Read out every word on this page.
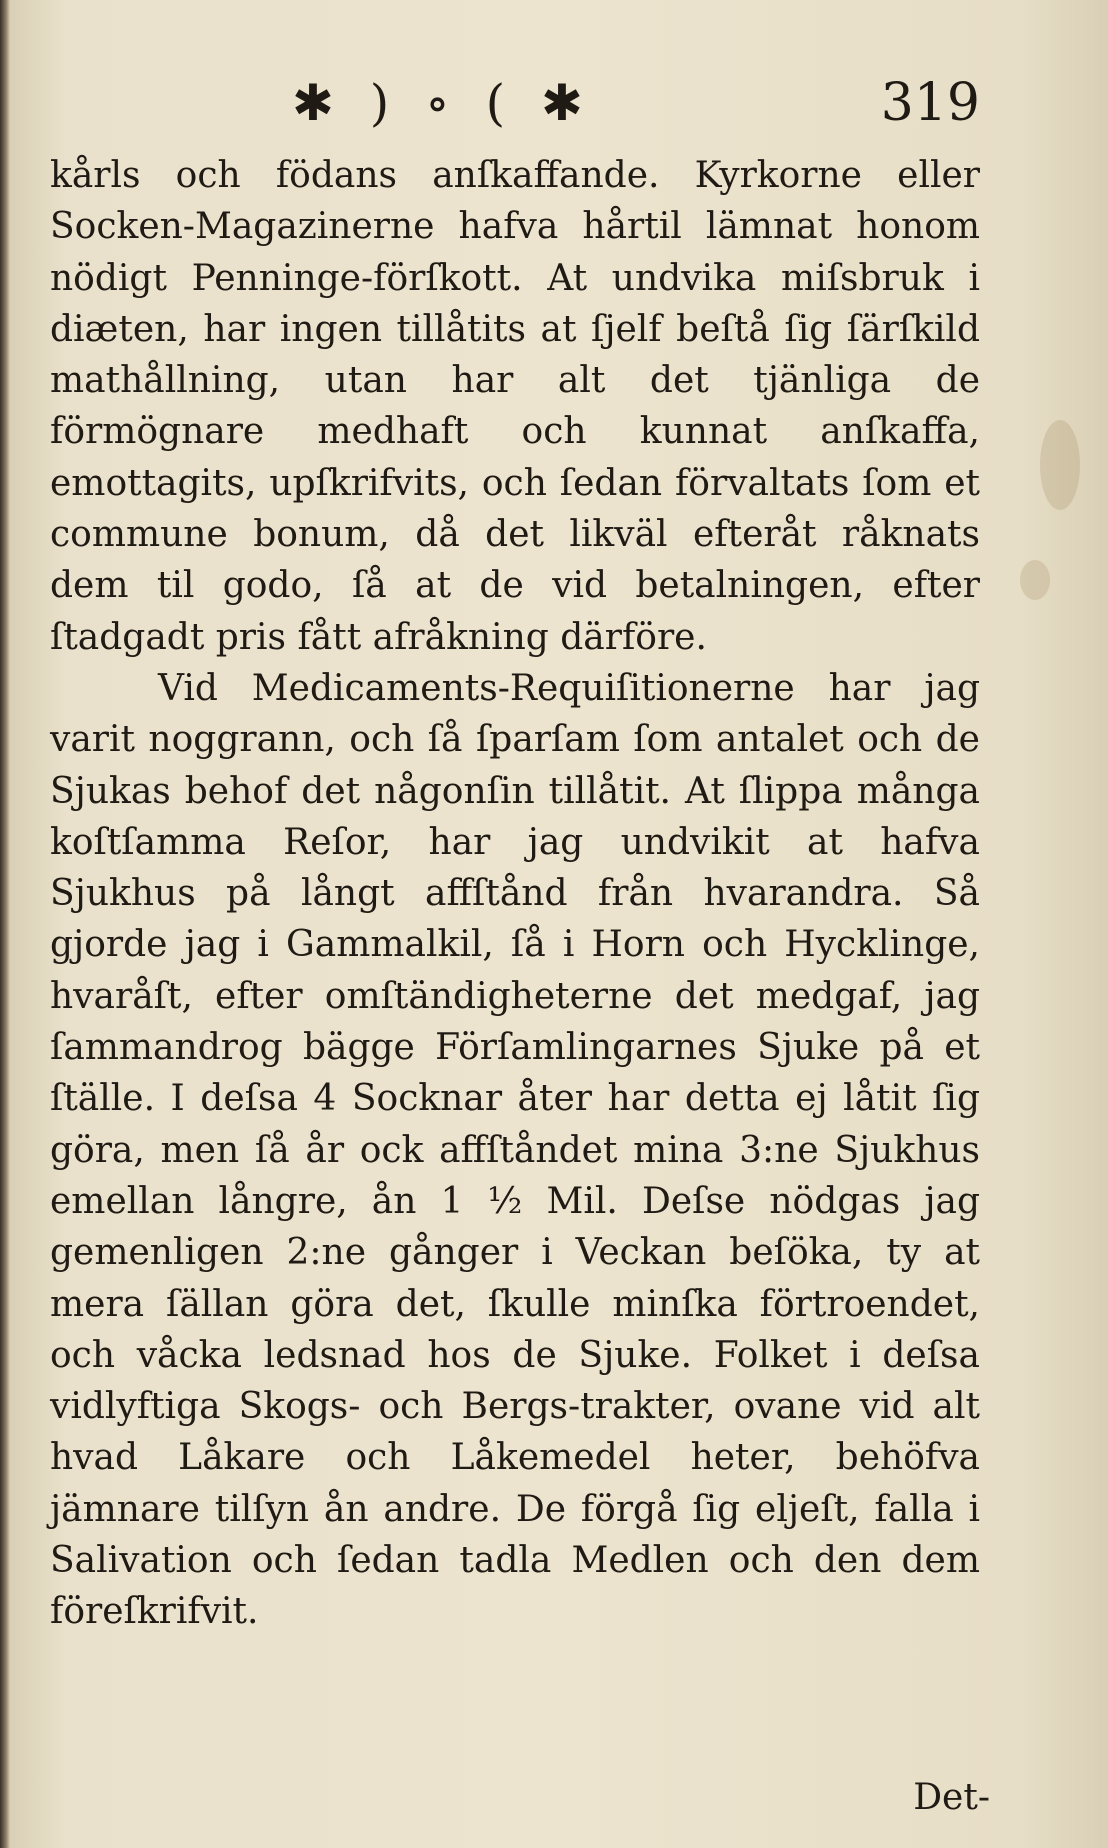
✱ ) ∘ ( ✱	319

kårls och födans anſkaffande. Kyrkorne eller Socken-Magazinerne hafva hårtil lämnat honom nödigt Penninge-förſkott. At undvika miſsbruk i diæten, har ingen tillåtits at ſjelf beſtå ſig ſärſkild mathållning, utan har alt det tjänliga de förmögnare medhaft och kunnat anſkaffa, emottagits, upſkrifvits, och ſedan förvaltats ſom et commune bonum, då det likväl efteråt råknats dem til godo, ſå at de vid betalningen, efter ſtadgadt pris fått afråkning därföre.

Vid Medicaments-Requiſitionerne har jag varit noggrann, och ſå ſparſam ſom antalet och de Sjukas behof det någonſin tillåtit. At ſlippa många koſtſamma Reſor, har jag undvikit at hafva Sjukhus på långt affſtånd från hvarandra. Så gjorde jag i Gammalkil, ſå i Horn och Hycklinge, hvaråſt, efter omſtändigheterne det medgaf, jag ſammandrog bägge Förſamlingarnes Sjuke på et ſtälle. I deſsa 4 Socknar åter har detta ej låtit ſig göra, men ſå år ock affſtåndet mina 3:ne Sjukhus emellan långre, ån 1 ½ Mil. Deſse nödgas jag gemenligen 2:ne gånger i Veckan beſöka, ty at mera ſällan göra det, ſkulle minſka förtroendet, och våcka ledsnad hos de Sjuke. Folket i deſsa vidlyftiga Skogs- och Bergs-trakter, ovane vid alt hvad Låkare och Låkemedel heter, behöfva jämnare tilſyn ån andre. De förgå ſig eljeſt, falla i Salivation och ſedan tadla Medlen och den dem föreſkrifvit.

Det-
